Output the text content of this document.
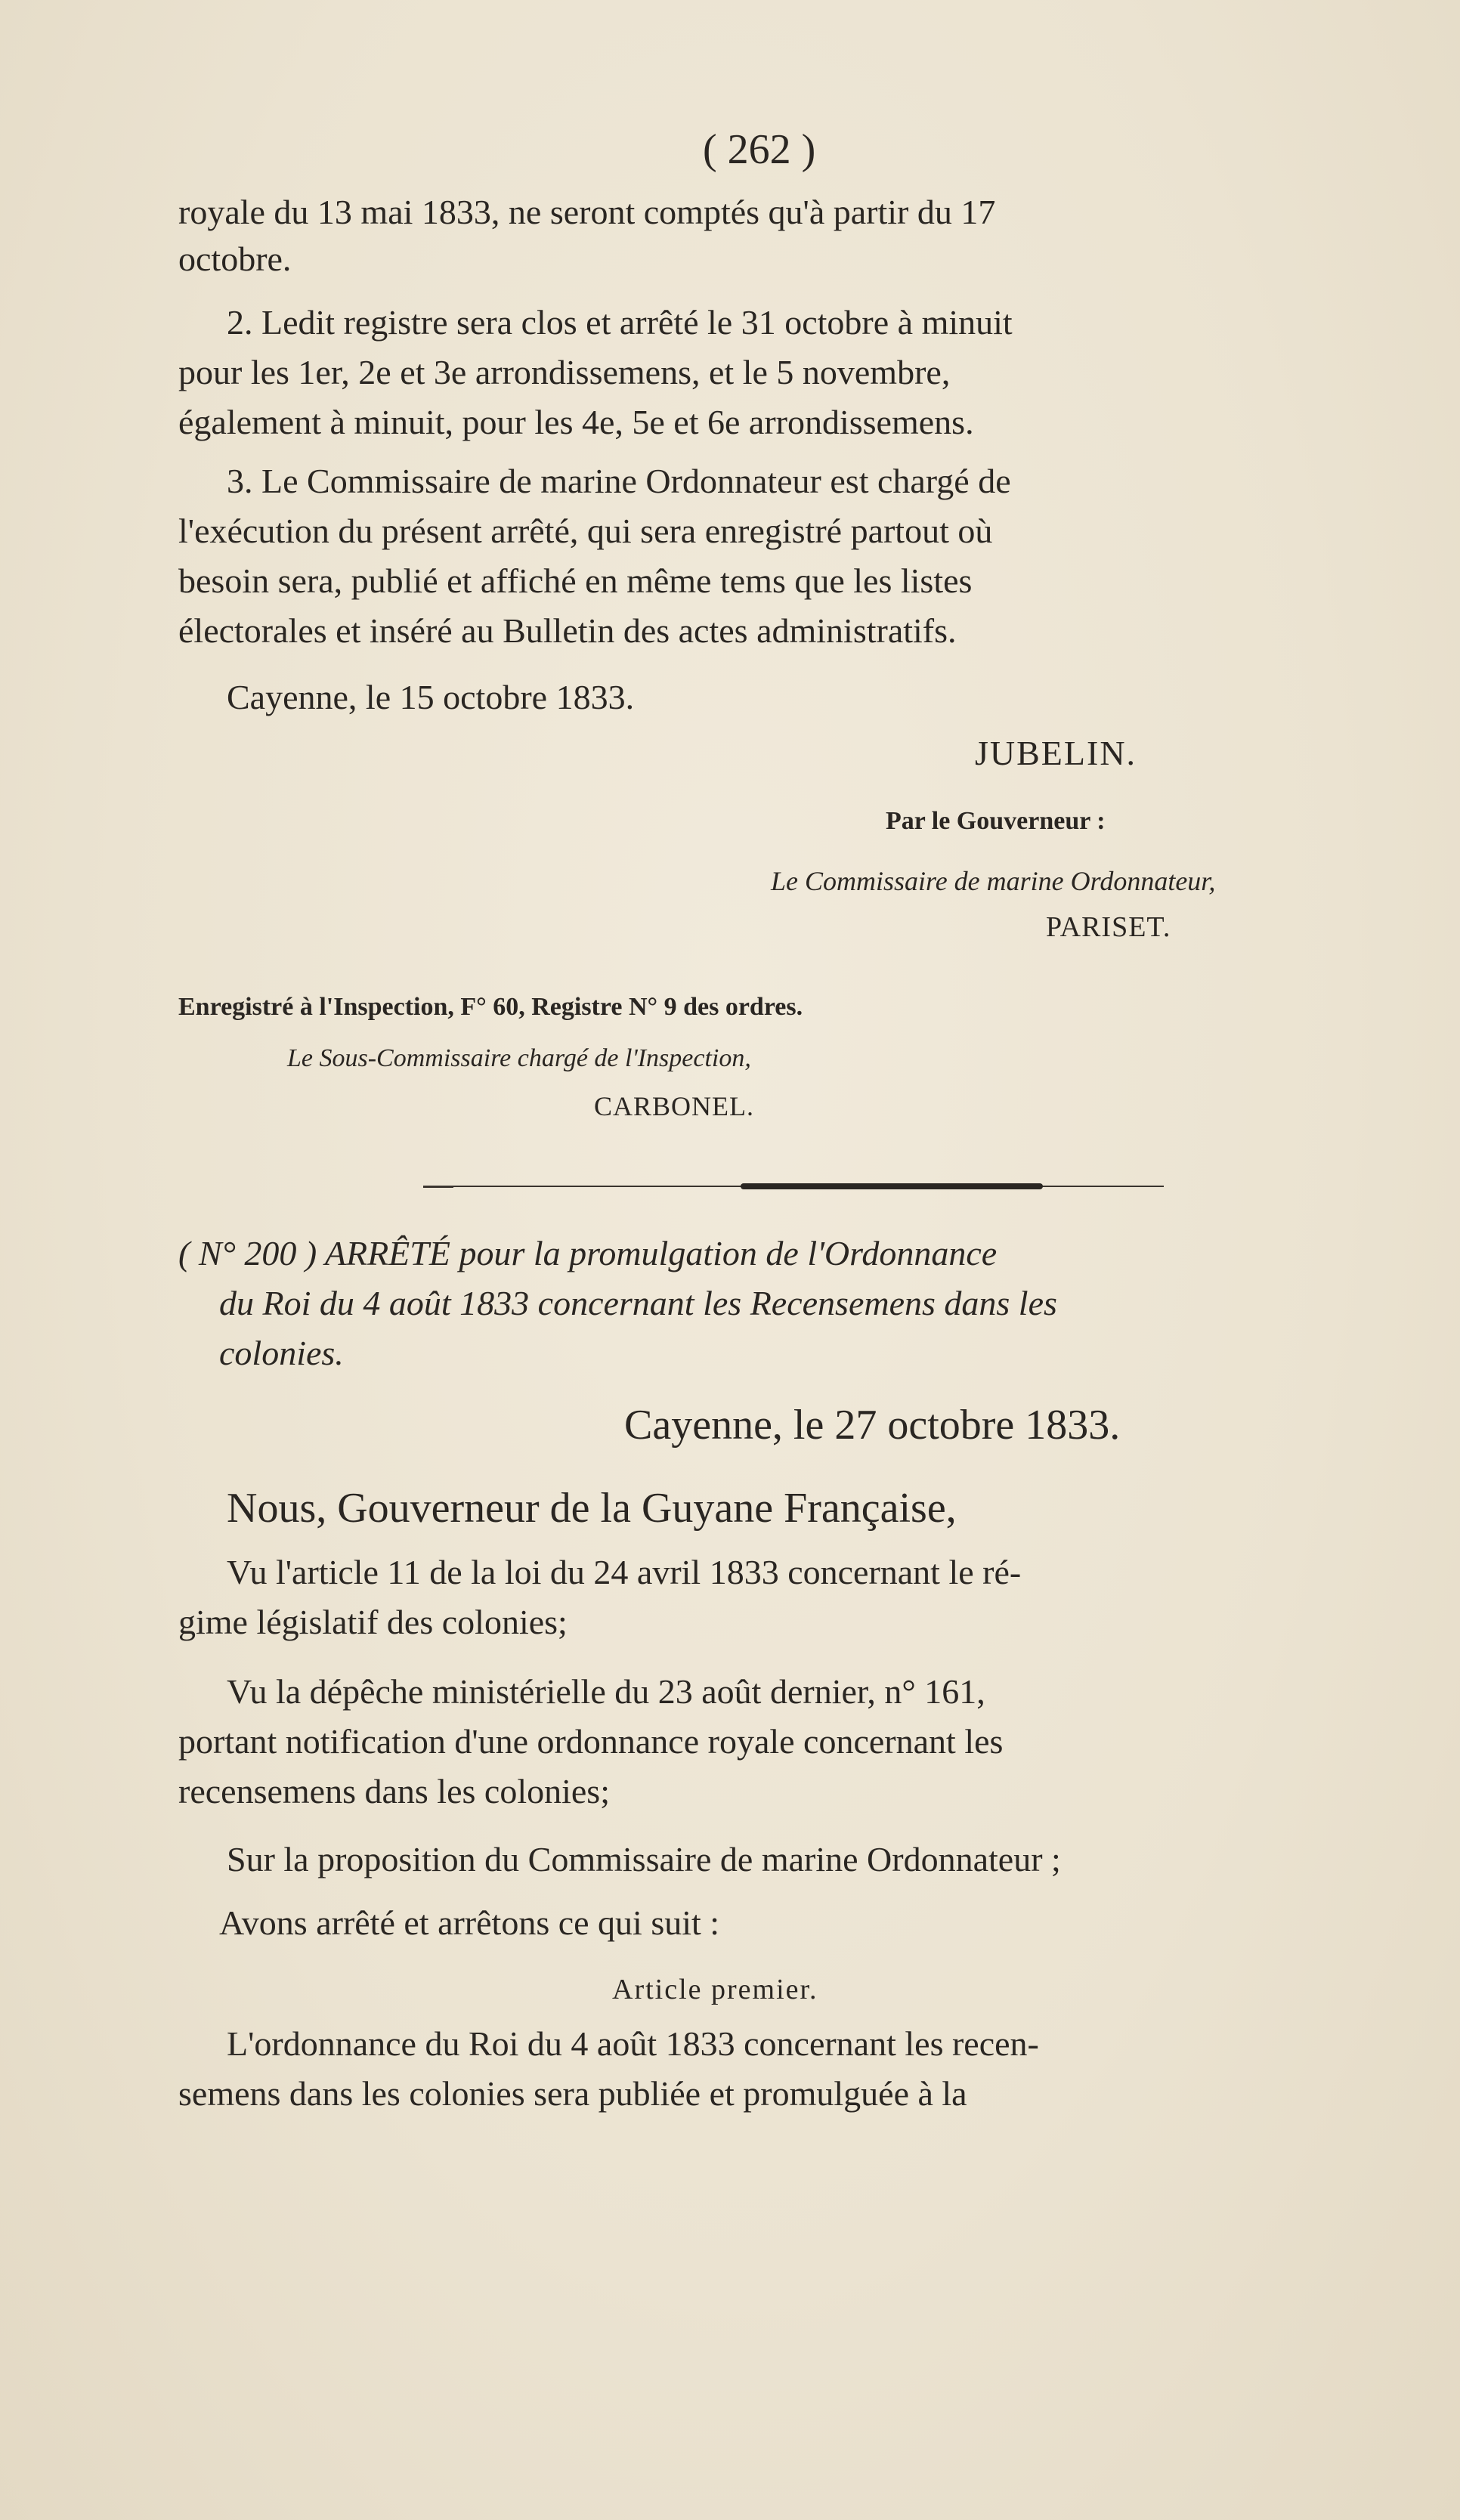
( 262 )
royale du 13 mai 1833, ne seront comptés qu'à partir du 17
octobre.
2. Ledit registre sera clos et arrêté le 31 octobre à minuit
pour les 1er, 2e et 3e arrondissemens, et le 5 novembre,
également à minuit, pour les 4e, 5e et 6e arrondissemens.
3. Le Commissaire de marine Ordonnateur est chargé de
l'exécution du présent arrêté, qui sera enregistré partout où
besoin sera, publié et affiché en même tems que les listes
électorales et inséré au Bulletin des actes administratifs.
Cayenne, le 15 octobre 1833.
JUBELIN.
Par le Gouverneur :
Le Commissaire de marine Ordonnateur,
PARISET.
Enregistré à l'Inspection, F° 60, Registre N° 9 des ordres.
Le Sous-Commissaire chargé de l'Inspection,
CARBONEL.
( N° 200 ) ARRÊTÉ pour la promulgation de l'Ordonnance
du Roi du 4 août 1833 concernant les Recensemens dans les
colonies.
Cayenne, le 27 octobre 1833.
Nous, Gouverneur de la Guyane Française,
Vu l'article 11 de la loi du 24 avril 1833 concernant le ré-
gime législatif des colonies;
Vu la dépêche ministérielle du 23 août dernier, n° 161,
portant notification d'une ordonnance royale concernant les
recensemens dans les colonies;
Sur la proposition du Commissaire de marine Ordonnateur ;
Avons arrêté et arrêtons ce qui suit :
Article premier.
L'ordonnance du Roi du 4 août 1833 concernant les recen-
semens dans les colonies sera publiée et promulguée à la
